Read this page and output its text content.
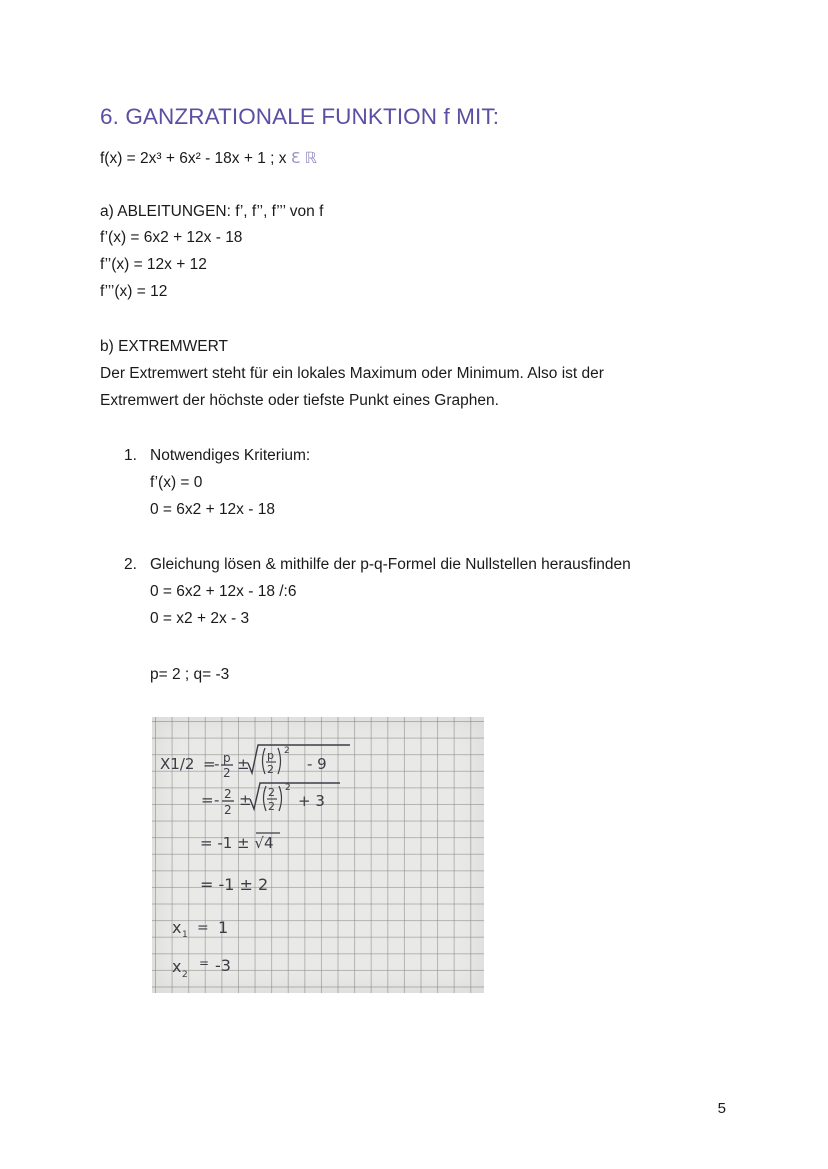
6. GANZRATIONALE FUNKTION f MIT:

f(x) = 2x³ + 6x² - 18x + 1 ; x Ɛ ℝ

a) ABLEITUNGEN: f’, f’’, f’’’ von f

f’(x) = 6x2 + 12x - 18

f’’(x) = 12x + 12

f’’’(x) = 12

b) EXTREMWERT

Der Extremwert steht für ein lokales Maximum oder Minimum. Also ist der

Extremwert der höchste oder tiefste Punkt eines Graphen.

1. Notwendiges Kriterium:

f’(x) = 0

0 = 6x2 + 12x - 18

2. Gleichung lösen & mithilfe der p-q-Formel die Nullstellen herausfinden

0 = 6x2 + 12x - 18 /:6

0 = x2 + 2x - 3

p= 2 ; q= -3

X1/2 =
- p
2 ± p
2
2
- 9
= - 2
2
± 2
2
2
+ 3
= -1 ± √4
= -1 ± 2
x 1 = 1
x 2
= -3
5
